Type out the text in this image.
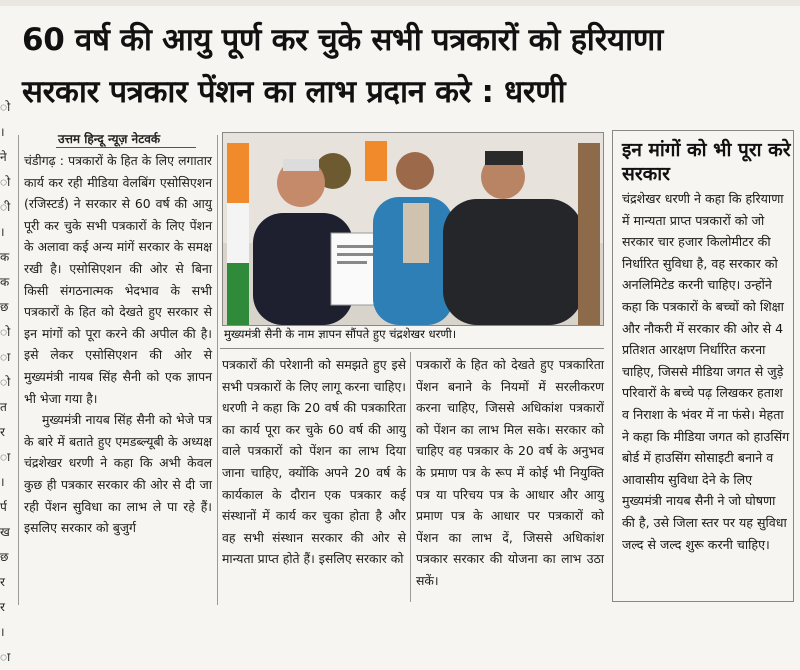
60 वर्ष की आयु पूर्ण कर चुके सभी पत्रकारों को हरियाणा
सरकार पत्रकार पेंशन का लाभ प्रदान करे : धरणी
ो
।
ने
ो
ी
।
क
क
छ
ो
ा
ो
त
र
ा
।
र्प
ख
छ
र
र
।
ा
उत्तम हिन्दू न्यूज़ नेटवर्क

चंडीगढ़ : पत्रकारों के हित के लिए लगातार कार्य कर रही मीडिया वेलबिंग एसोसिएशन (रजिस्टर्ड) ने सरकार से 60 वर्ष की आयु पूरी कर चुके सभी पत्रकारों के लिए पेंशन के अलावा कई अन्य मांगें सरकार के समक्ष रखी है। एसोसिएशन की ओर से बिना किसी संगठनात्मक भेदभाव के सभी पत्रकारों के हित को देखते हुए सरकार से इन मांगों को पूरा करने की अपील की है। इसे लेकर एसोसिएशन की ओर से मुख्यमंत्री नायब सिंह सैनी को एक ज्ञापन भी भेजा गया है।

मुख्यमंत्री नायब सिंह सैनी को भेजे पत्र के बारे में बताते हुए एमडब्ल्यूबी के अध्यक्ष चंद्रशेखर धरणी ने कहा कि अभी केवल कुछ ही पत्रकार सरकार की ओर से दी जा रही पेंशन सुविधा का लाभ ले पा रहे हैं। इसलिए सरकार को बुजुर्ग

मुख्यमंत्री सैनी के नाम ज्ञापन सौंपते हुए चंद्रशेखर धरणी।

पत्रकारों की परेशानी को समझते हुए इसे सभी पत्रकारों के लिए लागू करना चाहिए। धरणी ने कहा कि 20 वर्ष की पत्रकारिता का कार्य पूरा कर चुके 60 वर्ष की आयु वाले पत्रकारों को पेंशन का लाभ दिया जाना चाहिए, क्योंकि अपने 20 वर्ष के कार्यकाल के दौरान एक पत्रकार कई संस्थानों में कार्य कर चुका होता है और वह सभी संस्थान सरकार की ओर से मान्यता प्राप्त होते हैं। इसलिए सरकार को

पत्रकारों के हित को देखते हुए पत्रकारिता पेंशन बनाने के नियमों में सरलीकरण करना चाहिए, जिससे अधिकांश पत्रकारों को पेंशन का लाभ मिल सके। सरकार को चाहिए वह पत्रकार के 20 वर्ष के अनुभव के प्रमाण पत्र के रूप में कोई भी नियुक्ति पत्र या परिचय पत्र के आधार और आयु प्रमाण पत्र के आधार पर पत्रकारों को पेंशन का लाभ दें, जिससे अधिकांश पत्रकार सरकार की योजना का लाभ उठा सकें।

इन मांगों को भी पूरा करे सरकार
चंद्रशेखर धरणी ने कहा कि हरियाणा में मान्यता प्राप्त पत्रकारों को जो सरकार चार हजार किलोमीटर की निर्धारित सुविधा है, वह सरकार को अनलिमिटेड करनी चाहिए। उन्होंने कहा कि पत्रकारों के बच्चों को शिक्षा और नौकरी में सरकार की ओर से 4 प्रतिशत आरक्षण निर्धारित करना चाहिए, जिससे मीडिया जगत से जुड़े परिवारों के बच्चे पढ़ लिखकर हताश व निराशा के भंवर में ना फंसे। मेहता ने कहा कि मीडिया जगत को हाउसिंग बोर्ड में हाउसिंग सोसाइटी बनाने व आवासीय सुविधा देने के लिए मुख्यमंत्री नायब सैनी ने जो घोषणा की है, उसे जिला स्तर पर यह सुविधा जल्द से जल्द शुरू करनी चाहिए।
